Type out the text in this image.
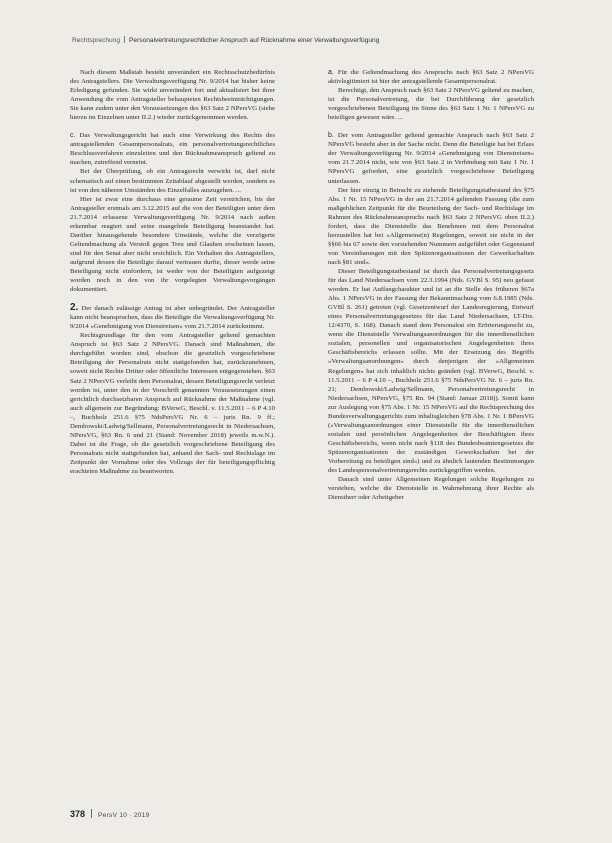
Rechtsprechung Personalvertretungsrechtlicher Anspruch auf Rücknahme einer Verwaltungsverfügung

Nach diesem Maßstab besteht unverändert ein Rechtsschutzbedürfnis des Antragstellers. Die Verwaltungsverfügung Nr. 9/2014 hat bisher keine Erledigung gefunden. Sie wirkt unverändert fort und aktualisiert bei ihrer Anwendung die vom Antragsteller behaupteten Rechtsbeeinträchtigungen. Sie kann zudem unter den Voraussetzungen des §63 Satz 2 NPersVG (siehe hierzu im Einzelnen unter II.2.) wieder zurückgenommen werden.

c. Das Verwaltungsgericht hat auch eine Verwirkung des Rechts des antragstellenden Gesamtpersonalrats, ein personalvertretungsrechtliches Beschlussverfahren einzuleiten und den Rücknahmeanspruch geltend zu machen, zutreffend verneint.

Bei der Überprüfung, ob ein Antragsrecht verwirkt ist, darf nicht schematisch auf einen bestimmten Zeitablauf abgestellt werden, sondern es ist von den näheren Umständen des Einzelfalles auszugehen. ...

Hier ist zwar eine durchaus eine geraume Zeit verstrichen, bis der Antragsteller erstmals am 3.12.2015 auf die von der Beteiligten unter dem 21.7.2014 erlassene Verwaltungsverfügung Nr. 9/2014 nach außen erkennbar reagiert und seine mangelnde Beteiligung beanstandet hat. Darüber hinausgehende besondere Umstände, welche die verzögerte Geltendmachung als Verstoß gegen Treu und Glauben erscheinen lassen, sind für den Senat aber nicht ersichtlich. Ein Verhalten des Antragstellers, aufgrund dessen die Beteiligte darauf vertrauen durfte, dieser werde seine Beteiligung nicht einfordern, ist weder von der Beteiligten aufgezeigt worden noch in den von ihr vorgelegten Verwaltungsvorgängen dokumentiert.

2. Der danach zulässige Antrag ist aber unbegründet. Der Antragsteller kann nicht beanspruchen, dass die Beteiligte die Verwaltungsverfügung Nr. 9/2014 »Genehmigung von Dienstreisen« vom 21.7.2014 zurücknimmt.

Rechtsgrundlage für den vom Antragsteller geltend gemachten Anspruch ist §63 Satz 2 NPersVG. Danach sind Maßnahmen, die durchgeführt worden sind, obschon die gesetzlich vorgeschriebene Beteiligung der Personalrats nicht stattgefunden hat, zurückzunehmen, soweit nicht Rechte Dritter oder öffentliche Interessen entgegenstehen. §63 Satz 2 NPersVG verleiht dem Personalrat, dessen Beteiligungsrecht verletzt worden ist, unter den in der Vorschrift genannten Voraussetzungen einen gerichtlich durchsetzbaren Anspruch auf Rücknahme der Maßnahme (vgl. auch allgemein zur Begründung: BVerwG, Beschl. v. 11.5.2011 – 6 P 4.10 –, Buchholz 251.6 §75 NdsPersVG Nr. 6 – juris Rn. 9 ff.; Dembowski/Ladwig/Sellmann, Personalvertretungsrecht in Niedersachsen, NPersVG, §63 Rn. 6 und 21 (Stand: November 2018) jeweils m.w.N.). Dabei ist die Frage, ob die gesetzlich vorgeschriebene Beteiligung des Personalrats nicht stattgefunden hat, anhand der Sach- und Rechtslage im Zeitpunkt der Vornahme oder des Vollzugs der für beteiligungspflichtig erachteten Maßnahme zu beantworten.

a. Für die Geltendmachung des Anspruchs nach §63 Satz 2 NPersVG aktivlegitimiert ist hier der antragstellende Gesamtpersonalrat.

Berechtigt, den Anspruch nach §63 Satz 2 NPersVG geltend zu machen, ist die Personalvertretung, die bei Durchführung der gesetzlich vorgeschriebenen Beteiligung im Sinne des §63 Satz 1 Nr. 1 NPersVG zu beteiligen gewesen wäre. ...

b. Der vom Antragsteller geltend gemachte Anspruch nach §63 Satz 2 NPersVG besteht aber in der Sache nicht. Denn die Beteiligte hat bei Erlass der Verwaltungsverfügung Nr. 9/2014 »Genehmigung von Dienstreisen« vom 21.7.2014 nicht, wie von §63 Satz 2 in Verbindung mit Satz 1 Nr. 1 NPersVG gefordert, eine gesetzlich vorgeschriebene Beteiligung unterlassen.

Der hier einzig in Betracht zu ziehende Beteiligungstatbestand des §75 Abs. 1 Nr. 15 NPersVG in der am 21.7.2014 geltenden Fassung (die zum maßgeblichen Zeitpunkt für die Beurteilung der Sach- und Rechtslage im Rahmen des Rücknahmeanspruchs nach §63 Satz 2 NPersVG oben II.2.) fordert, dass die Dienststelle das Benehmen mit dem Personalrat herzustellen hat bei »Allgemeine(n) Regelungen, soweit sie nicht in der §§66 bis 67 sowie den vorstehenden Nummern aufgeführt oder Gegenstand von Vereinbarungen mit den Spitzenorganisationen der Gewerkschaften nach §81 sind«.

Dieser Beteiligungstatbestand ist durch das Personalvertretungsgesetz für das Land Niedersachsen vom 22.3.1994 (Nds. GVBl S. 95) neu gefasst worden. Er hat Auffangcharakter und ist an die Stelle des früheren §67a Abs. 1 NPersVG in der Fassung der Bekanntmachung vom 6.8.1985 (Nds. GVBl S. 261) getreten (vgl. Gesetzentwurf der Landesregierung, Entwurf eines Personalvertretungsgesetzes für das Land Niedersachsen, LT-Drs. 12/4370, S. 168). Danach stand dem Personalrat ein Erörterungsrecht zu, wenn die Dienststelle Verwaltungsanordnungen für die innerdienstlichen sozialen, personellen und organisatorischen Angelegenheiten ihres Geschäftsbereichs erlassen sollte. Mit der Ersetzung des Begriffs »Verwaltungsanordnungen« durch denjenigen der »Allgemeinen Regelungen« hat sich inhaltlich nichts geändert (vgl. BVerwG, Beschl. v. 11.5.2011 – 6 P 4.10 –, Buchholz 251.6 §75 NdsPersVG Nr. 6 – juris Rn. 21; Dembowski/Ladwig/Sellmann, Personalvertretungsrecht in Niedersachsen, NPersVG, §75 Rn. 94 (Stand: Januar 2018)). Somit kann zur Auslegung von §75 Abs. 1 Nr. 15 NPersVG auf die Rechtsprechung des Bundesverwaltungsgerichts zum inhaltsgleichen §78 Abs. 1 Nr. 1 BPersVG (»Verwaltungsanordnungen einer Dienststelle für die innerdienstlichen sozialen und persönlichen Angelegenheiten der Beschäftigten ihres Geschäftsbereichs, wenn nicht nach §118 des Bundesbeamtengesetzes die Spitzenorganisationen der zuständigen Gewerkschaften bei der Vorbereitung zu beteiligen sind«) und zu ähnlich lautenden Bestimmungen des Landespersonalvertretungsrechts zurückgegriffen werden.

Danach sind unter Allgemeinen Regelungen solche Regelungen zu verstehen, welche die Dienststelle in Wahrnehmung ihrer Rechte als Dienstherr oder Arbeitgeber

378 PersV 10 · 2019
